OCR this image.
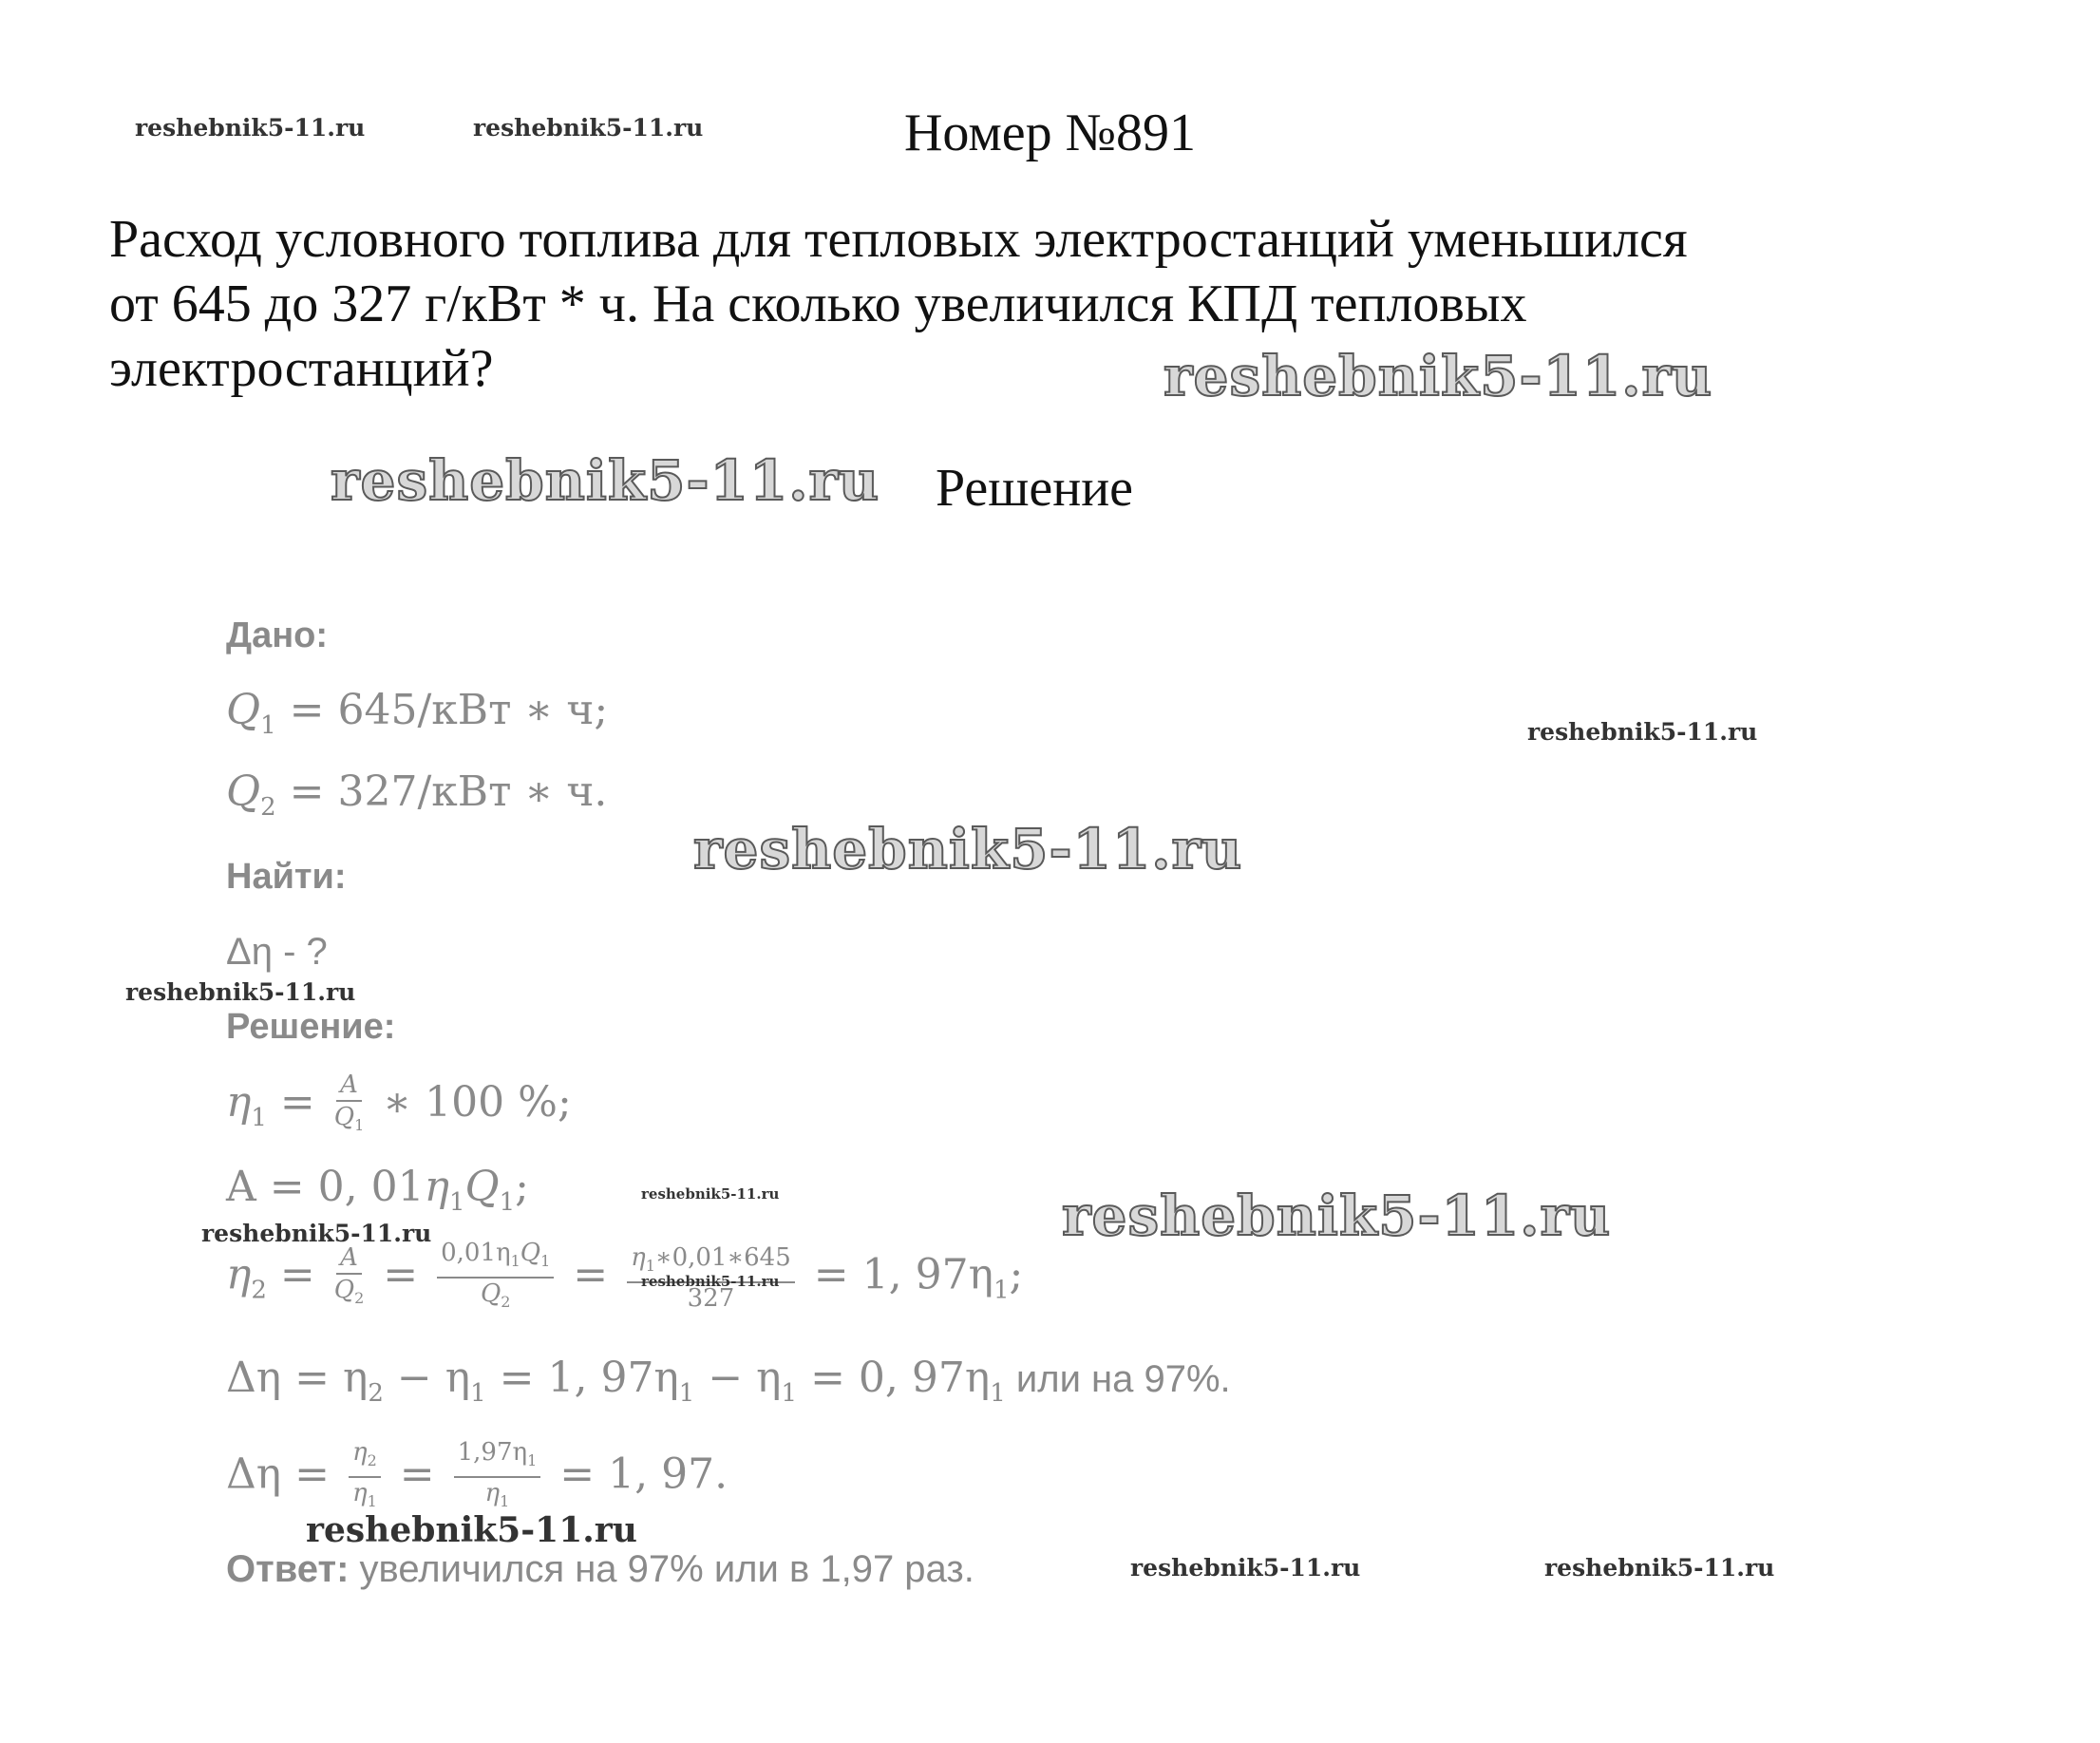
Номер №891
Расход условного топлива для тепловых электростанций уменьшился
от 645 до 327 г/кВт * ч. На сколько увеличился КПД тепловых
электростанций?
Решение
Дано:
$Q_1 = 645/кВт$ ∗ ч;
$Q_2 = 327/кВт$ ∗ ч.
Найти:
Δη - ?
Решение:
$\eta_1 = \frac{A}{Q_1}$ ∗ 100 %;
A = 0, $01\eta_1Q_1$;
$\eta_2 = \frac{A}{Q_2} = \frac{0,01\eta_1Q_1}{Q_2} = \frac{\eta_1∗0,01∗645}{327} = 1$, $97\eta_1$;
$\Delta\eta = \eta_2 - \eta_1 = 1$, $97\eta_1 - \eta_1 = 0$, $97\eta_1$ или на 97%.
$\Delta\eta = \frac{\eta_2}{\eta_1} = \frac{1,97\eta_1}{\eta_1} = 1$, 97.
Ответ: увеличился на 97% или в 1,97 раз.
reshebnik5-11.ru	reshebnik5-11.ru
reshebnik5-11.ru
reshebnik5-11.ru
reshebnik5-11.ru
reshebnik5-11.ru
reshebnik5-11.ru
reshebnik5-11.ru	reshebnik5-11.ru
reshebnik5-11.ru
reshebnik5-11.ru
reshebnik5-11.ru
reshebnik5-11.ru	reshebnik5-11.ru
